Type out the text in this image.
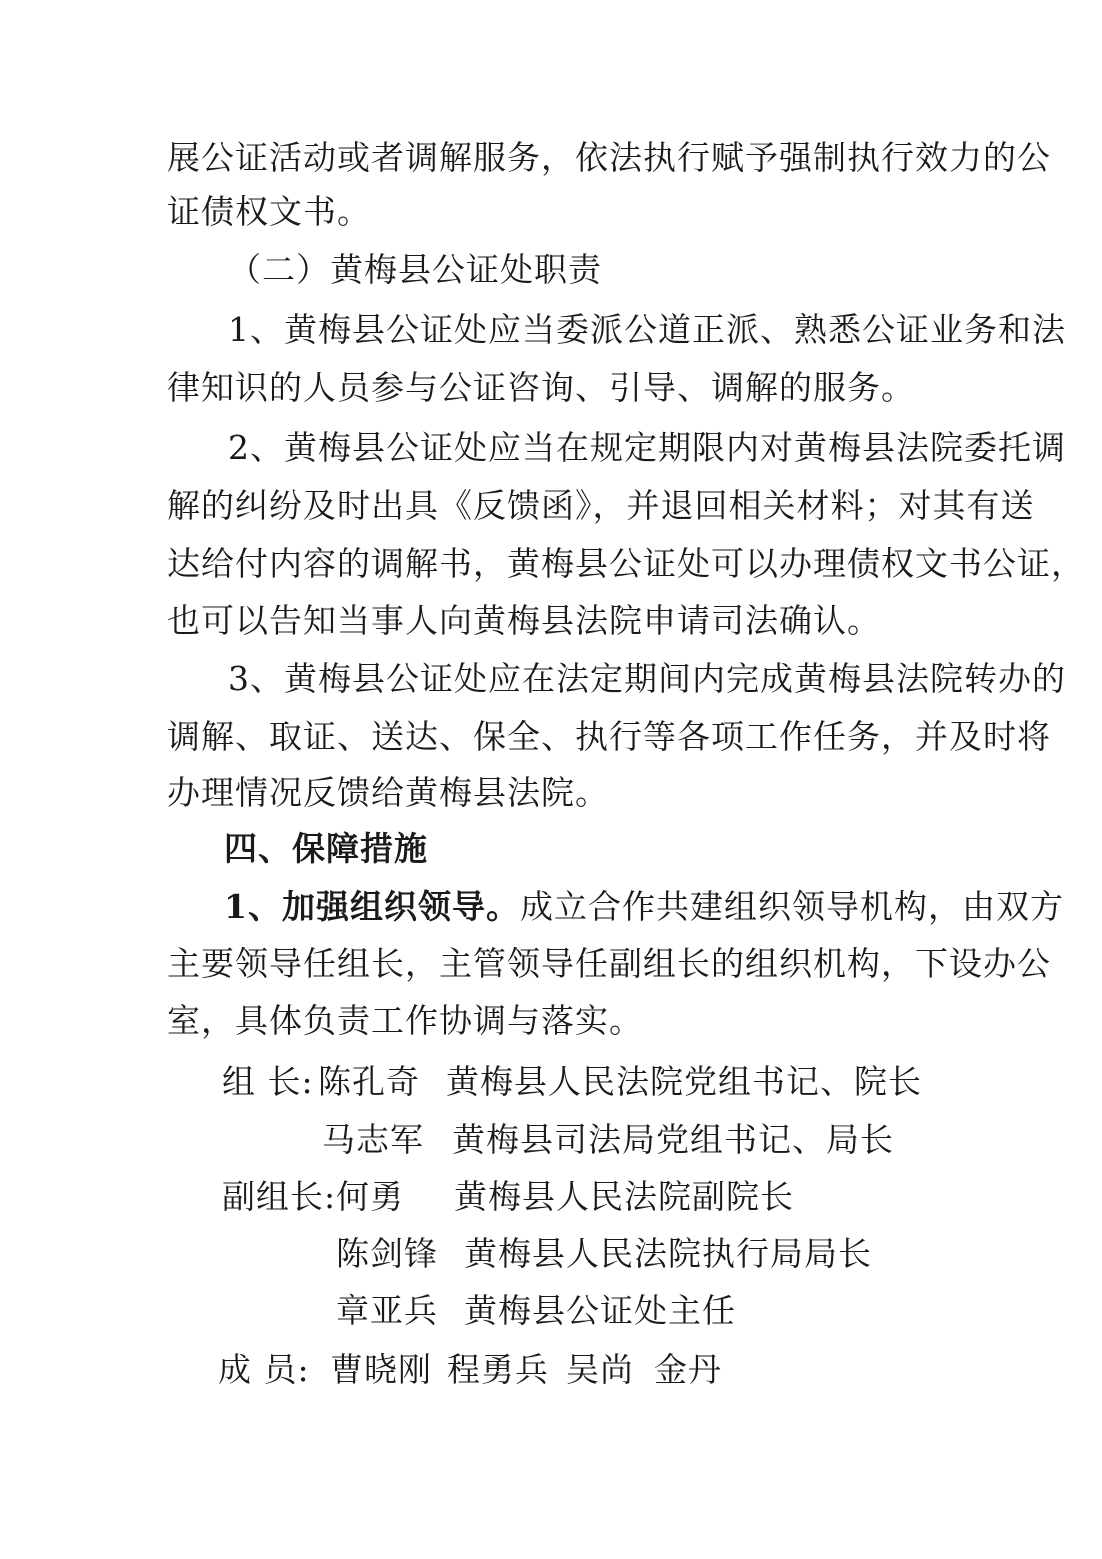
展公证活动或者调解服务，依法执行赋予强制执行效力的公
证债权文书。
（二）黄梅县公证处职责
1、黄梅县公证处应当委派公道正派、熟悉公证业务和法
律知识的人员参与公证咨询、引导、调解的服务。
2、黄梅县公证处应当在规定期限内对黄梅县法院委托调
解的纠纷及时出具《反馈函》，并退回相关材料；对其有送
达给付内容的调解书，黄梅县公证处可以办理债权文书公证，
也可以告知当事人向黄梅县法院申请司法确认。
3、黄梅县公证处应在法定期间内完成黄梅县法院转办的
调解、取证、送达、保全、执行等各项工作任务，并及时将
办理情况反馈给黄梅县法院。
四、保障措施
1、加强组织领导。成立合作共建组织领导机构，由双方
主要领导任组长，主管领导任副组长的组织机构，下设办公
室，具体负责工作协调与落实。
组 长: 陈孔奇 黄梅县人民法院党组书记、院长
马志军 黄梅县司法局党组书记、局长
副组长: 何勇 黄梅县人民法院副院长
陈剑锋 黄梅县人民法院执行局局长
章亚兵 黄梅县公证处主任
成 员: 曹晓刚 程勇兵 吴尚 金丹
